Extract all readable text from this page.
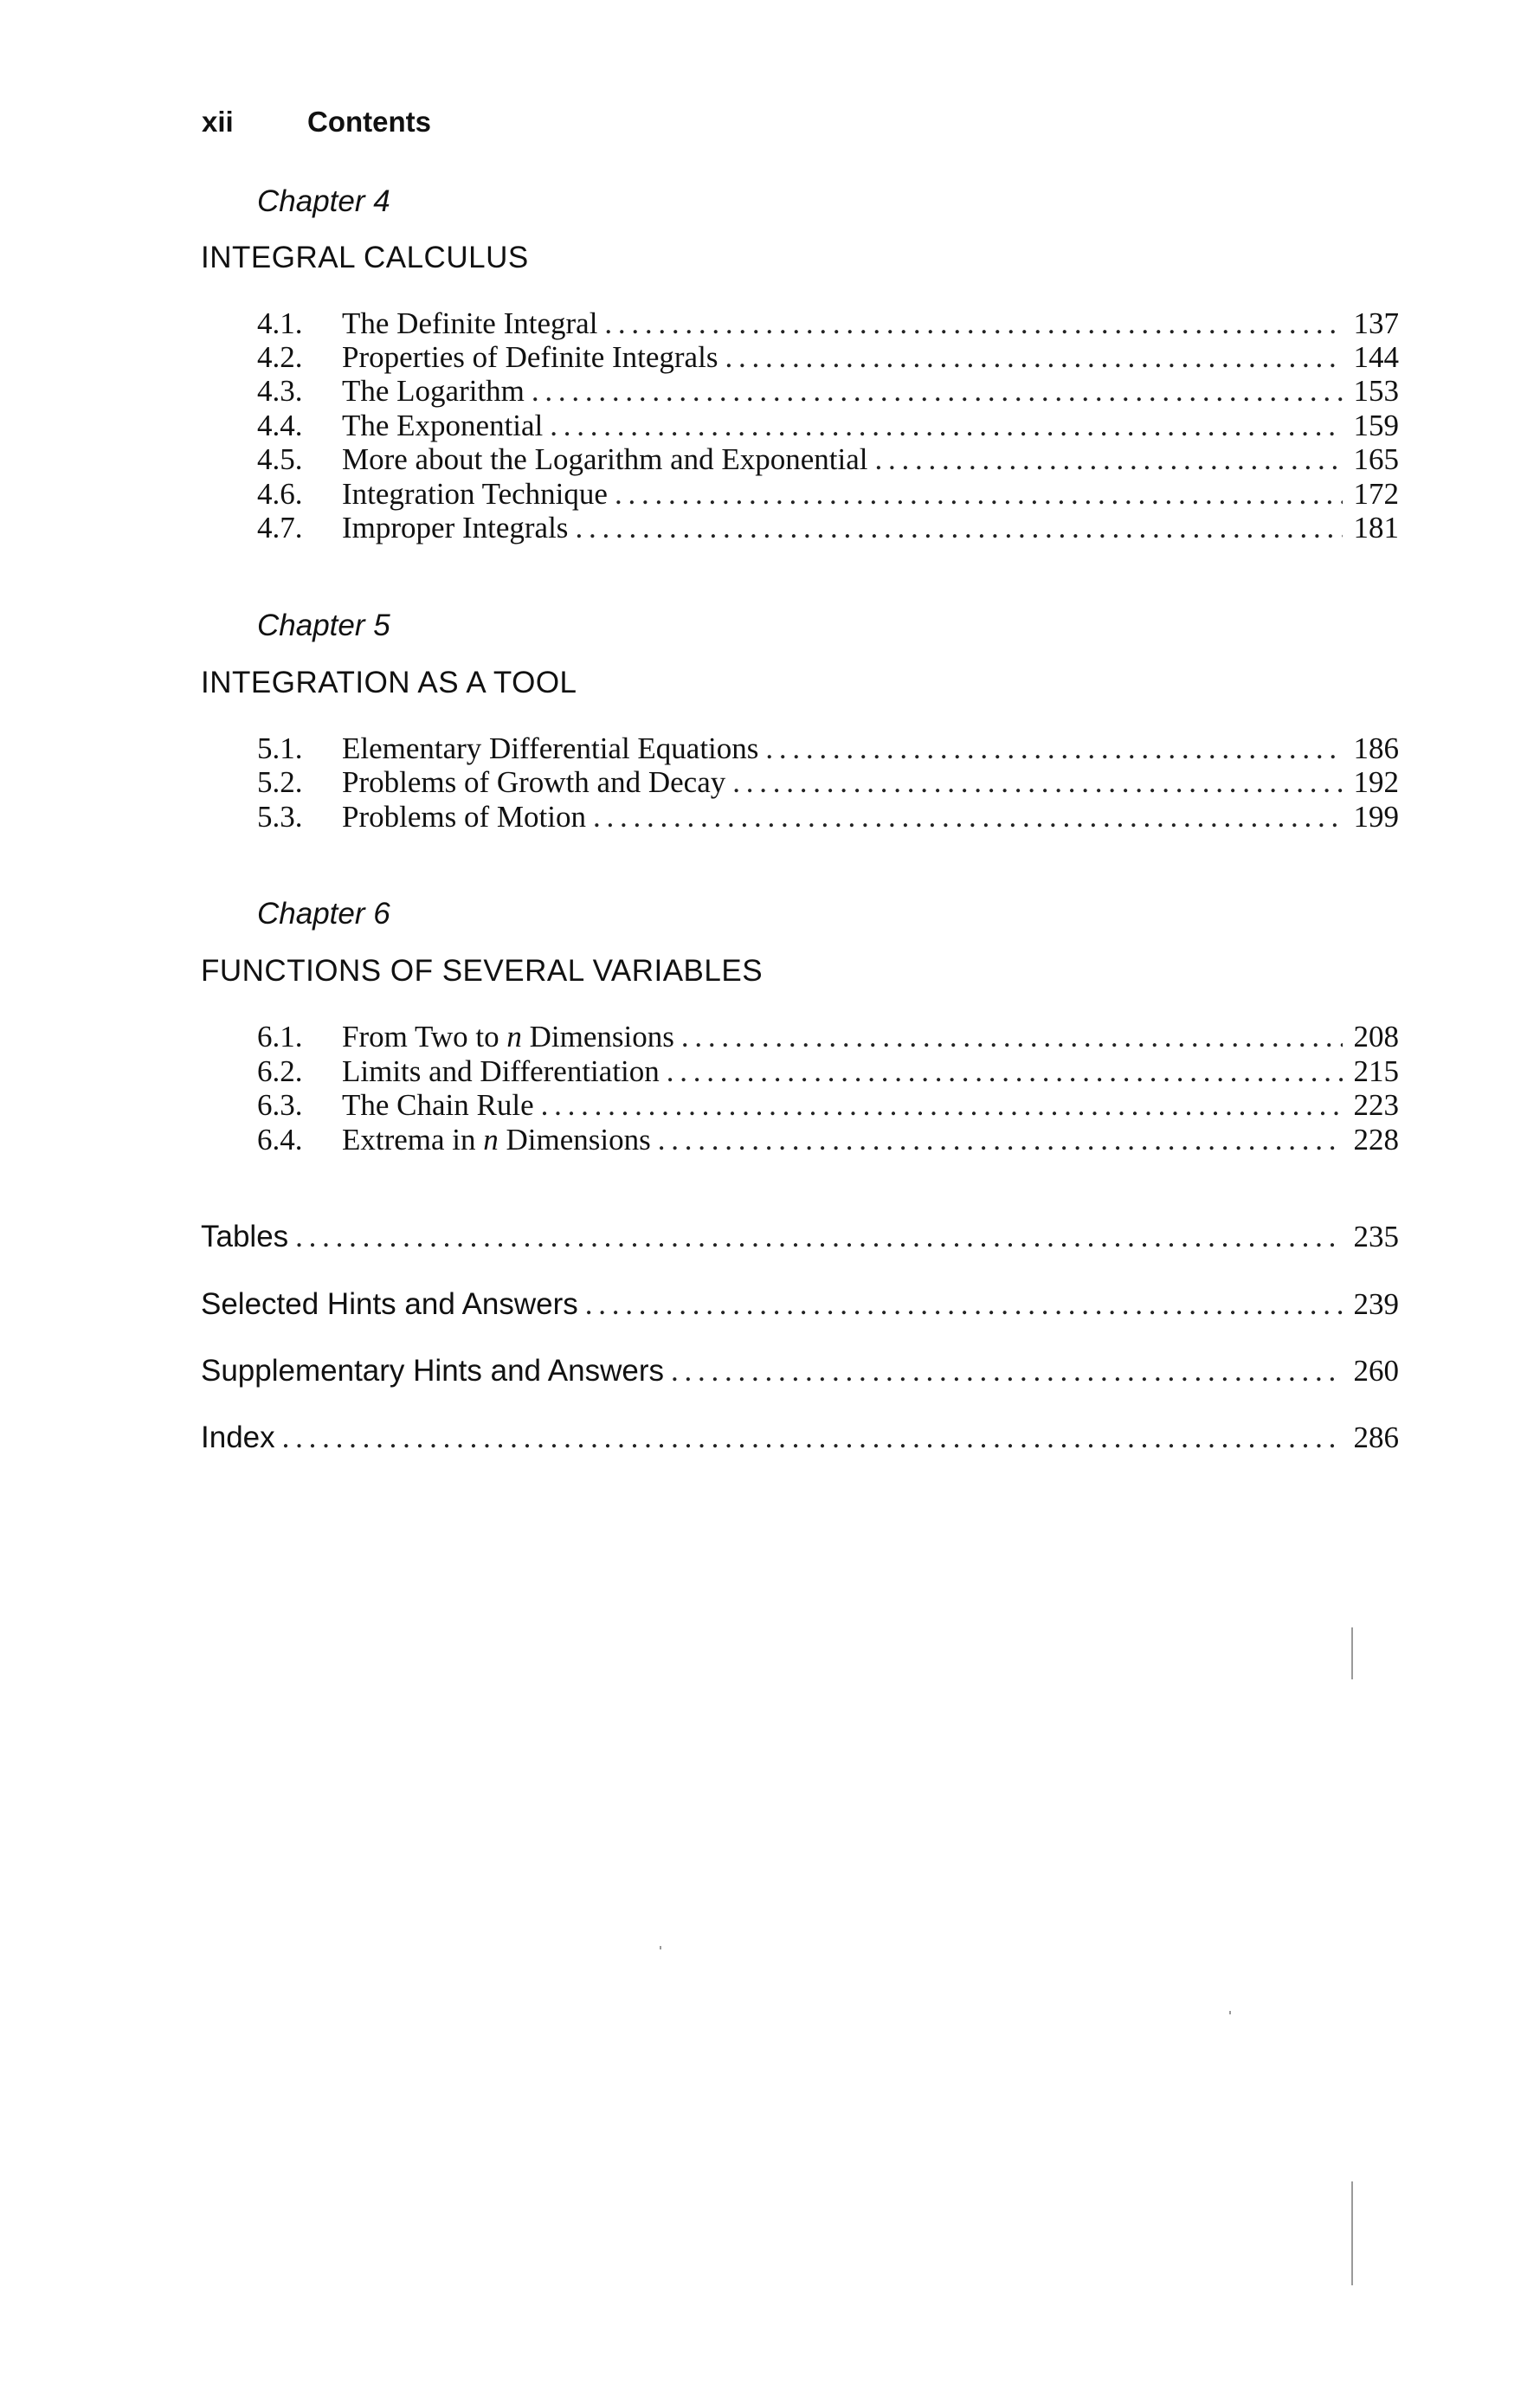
xii	Contents
Chapter 4
INTEGRAL CALCULUS
4.1.	The Definite Integral . . .	137
4.2.	Properties of Definite Integrals . . .	144
4.3.	The Logarithm . . .	153
4.4.	The Exponential . . .	159
4.5.	More about the Logarithm and Exponential . . .	165
4.6.	Integration Technique . . .	172
4.7.	Improper Integrals . . .	181
Chapter 5
INTEGRATION AS A TOOL
5.1.	Elementary Differential Equations . . .	186
5.2.	Problems of Growth and Decay . . .	192
5.3.	Problems of Motion . . .	199
Chapter 6
FUNCTIONS OF SEVERAL VARIABLES
6.1.	From Two to n Dimensions . . .	208
6.2.	Limits and Differentiation . . .	215
6.3.	The Chain Rule . . .	223
6.4.	Extrema in n Dimensions . . .	228
Tables . . .	235
Selected Hints and Answers . . .	239
Supplementary Hints and Answers . . .	260
Index . . .	286
